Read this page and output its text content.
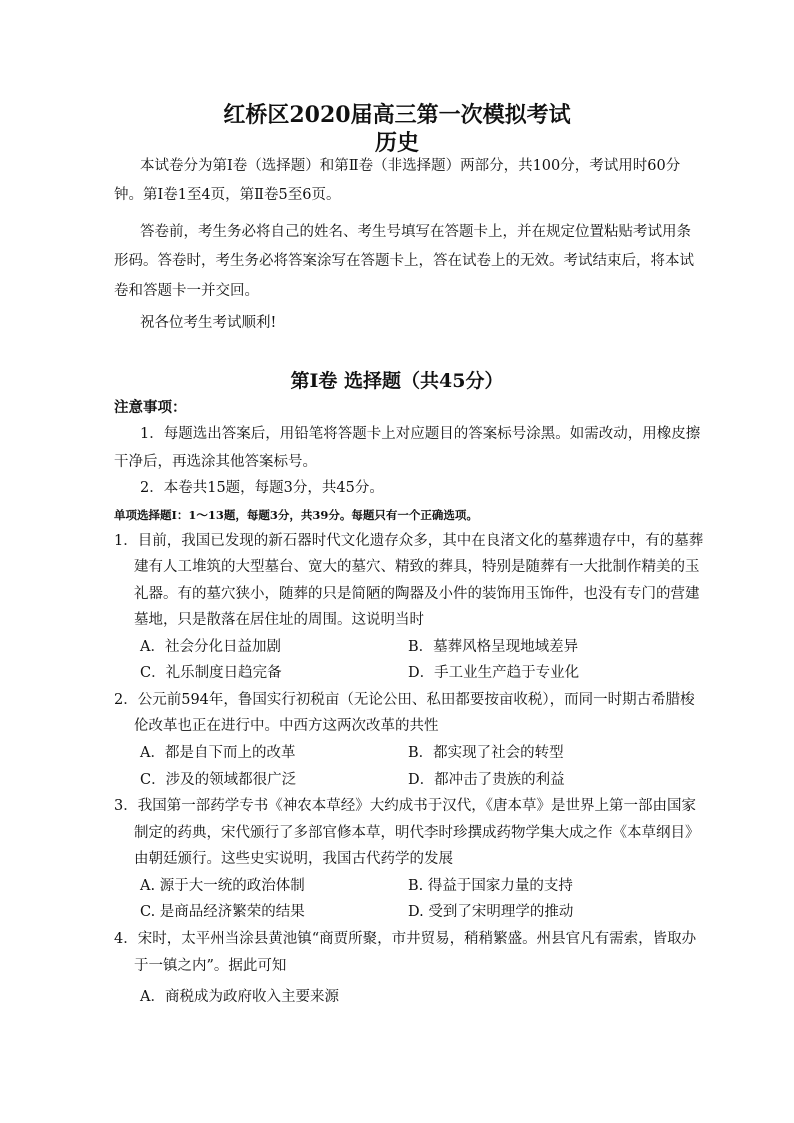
红桥区2020届高三第一次模拟考试
历史
本试卷分为第Ⅰ卷（选择题）和第Ⅱ卷（非选择题）两部分，共100分，考试用时60分
钟。第Ⅰ卷1至4页，第Ⅱ卷5至6页。
答卷前，考生务必将自己的姓名、考生号填写在答题卡上，并在规定位置粘贴考试用条
形码。答卷时，考生务必将答案涂写在答题卡上，答在试卷上的无效。考试结束后，将本试
卷和答题卡一并交回。
祝各位考生考试顺利!
第Ⅰ卷 选择题（共45分）
注意事项：
1．每题选出答案后，用铅笔将答题卡上对应题目的答案标号涂黑。如需改动，用橡皮擦
干净后，再选涂其他答案标号。
2．本卷共15题，每题3分，共45分。
单项选择题Ⅰ：1～13题，每题3分，共39分。每题只有一个正确选项。
1．目前，我国已发现的新石器时代文化遗存众多，其中在良渚文化的墓葬遗存中，有的墓葬
建有人工堆筑的大型墓台、宽大的墓穴、精致的葬具，特别是随葬有一大批制作精美的玉
礼器。有的墓穴狭小，随葬的只是简陋的陶器及小件的装饰用玉饰件，也没有专门的营建
墓地，只是散落在居住址的周围。这说明当时
A．社会分化日益加剧	B．墓葬风格呈现地域差异
C．礼乐制度日趋完备	D．手工业生产趋于专业化
2．公元前594年，鲁国实行初税亩（无论公田、私田都要按亩收税），而同一时期古希腊梭
伦改革也正在进行中。中西方这两次改革的共性
A．都是自下而上的改革	B．都实现了社会的转型
C．涉及的领域都很广泛	D．都冲击了贵族的利益
3．我国第一部药学专书《神农本草经》大约成书于汉代，《唐本草》是世界上第一部由国家
制定的药典，宋代颁行了多部官修本草，明代李时珍撰成药物学集大成之作《本草纲目》
由朝廷颁行。这些史实说明，我国古代药学的发展
A. 源于大一统的政治体制	B. 得益于国家力量的支持
C. 是商品经济繁荣的结果	D. 受到了宋明理学的推动
4．宋时，太平州当涂县黄池镇“商贾所聚，市井贸易，稍稍繁盛。州县官凡有需索，皆取办
于一镇之内”。据此可知
A．商税成为政府收入主要来源
